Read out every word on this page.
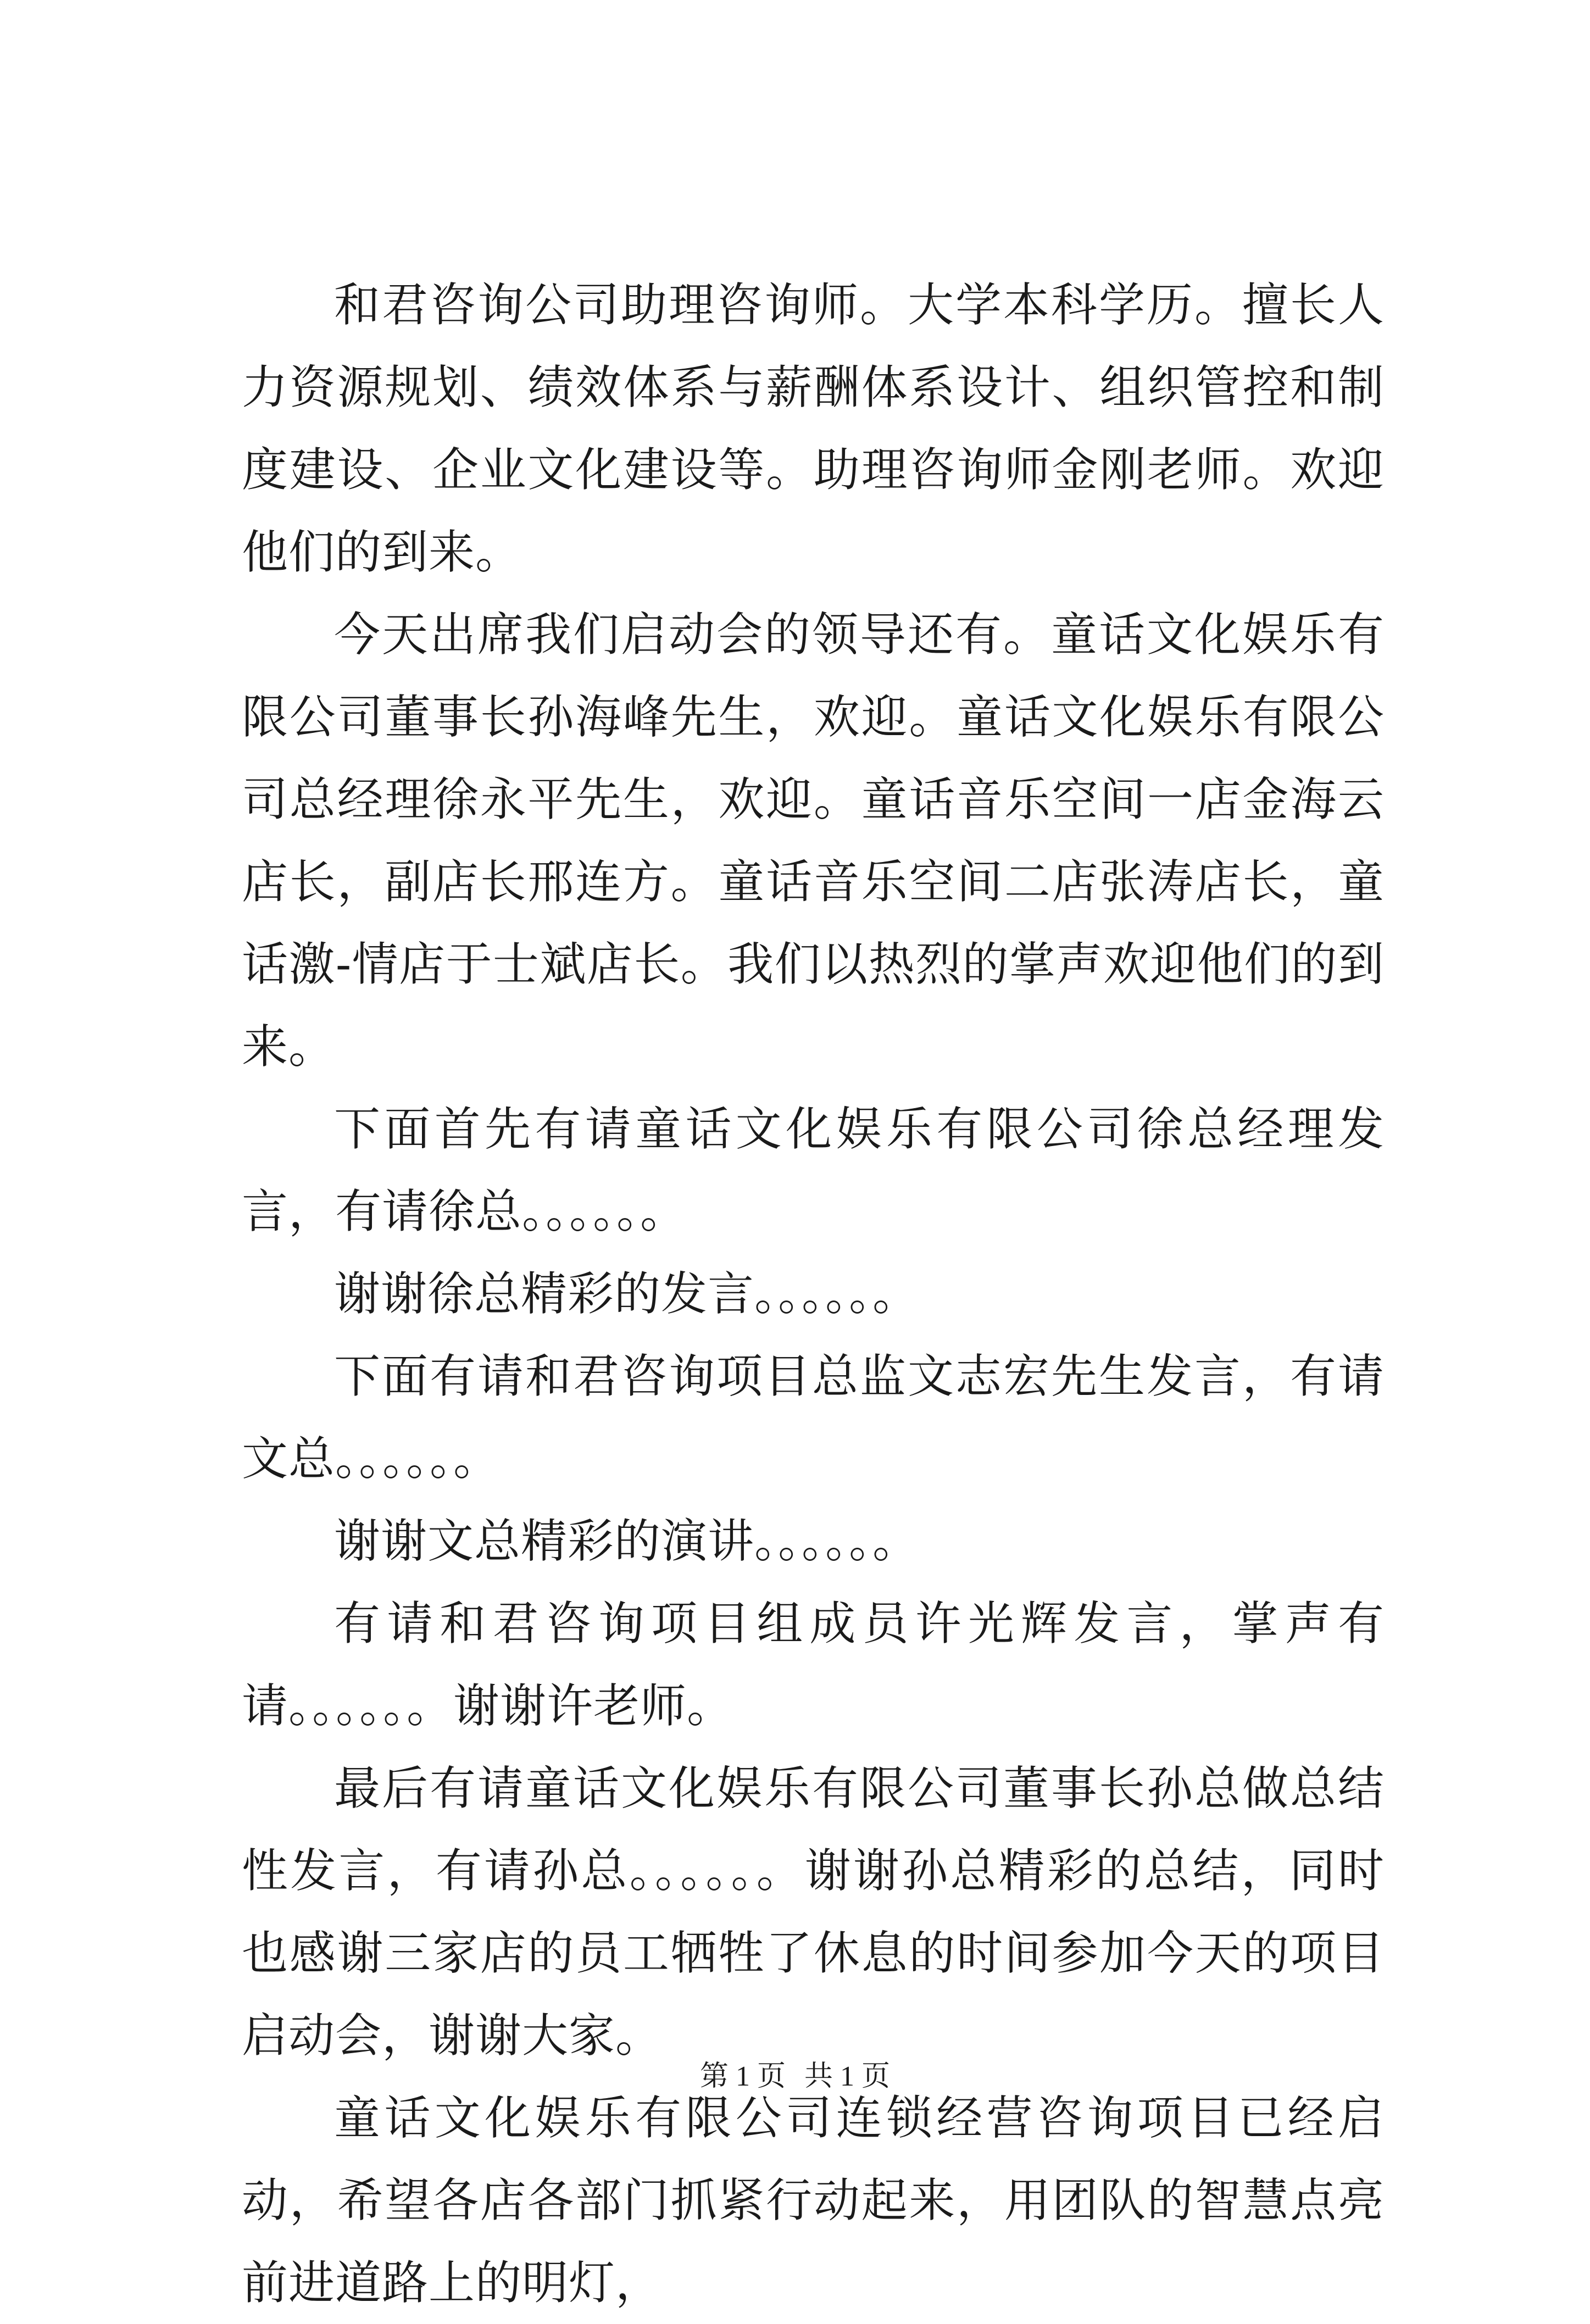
和君咨询公司助理咨询师。大学本科学历。擅长人力资源规划、绩效体系与薪酬体系设计、组织管控和制度建设、企业文化建设等。助理咨询师金刚老师。欢迎他们的到来。

今天出席我们启动会的领导还有。童话文化娱乐有限公司董事长孙海峰先生，欢迎。童话文化娱乐有限公司总经理徐永平先生，欢迎。童话音乐空间一店金海云店长，副店长邢连方。童话音乐空间二店张涛店长，童话激-情店于士斌店长。我们以热烈的掌声欢迎他们的到来。

下面首先有请童话文化娱乐有限公司徐总经理发言，有请徐总。。。。。。

谢谢徐总精彩的发言。。。。。。

下面有请和君咨询项目总监文志宏先生发言，有请文总。。。。。。

谢谢文总精彩的演讲。。。。。。

有请和君咨询项目组成员许光辉发言，掌声有请。。。。。。谢谢许老师。

最后有请童话文化娱乐有限公司董事长孙总做总结性发言，有请孙总。。。。。。谢谢孙总精彩的总结，同时也感谢三家店的员工牺牲了休息的时间参加今天的项目启动会，谢谢大家。

童话文化娱乐有限公司连锁经营咨询项目已经启动，希望各店各部门抓紧行动起来，用团队的智慧点亮前进道路上的明灯，

第 1 页 共 1 页
